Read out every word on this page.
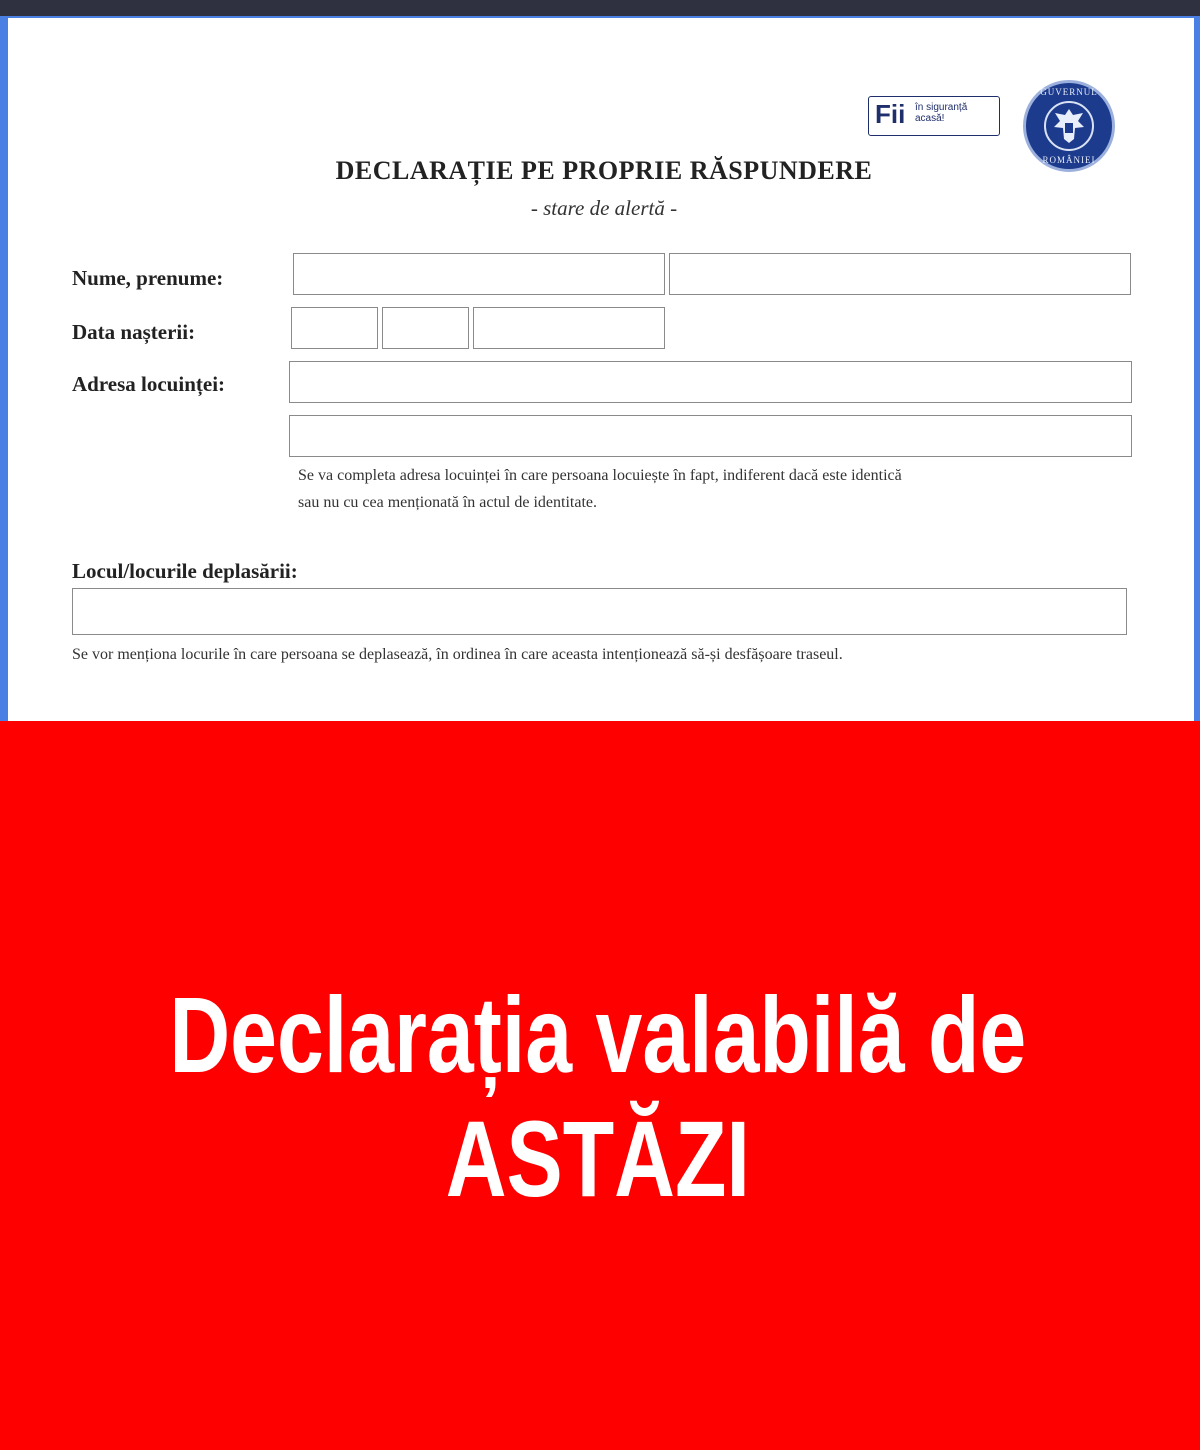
Fii în siguranță acasă!
GUVERNUL
ROMÂNIEI
DECLARAȚIE PE PROPRIE RĂSPUNDERE
- stare de alertă -
Nume, prenume:
Data nașterii:
Adresa locuinței:
Se va completa adresa locuinței în care persoana locuiește în fapt, indiferent dacă este identică
sau nu cu cea menționată în actul de identitate.
Locul/locurile deplasării:
Se vor menționa locurile în care persoana se deplasează, în ordinea în care aceasta intenționează să-și desfășoare traseul.
Declarația valabilă de
ASTĂZI
